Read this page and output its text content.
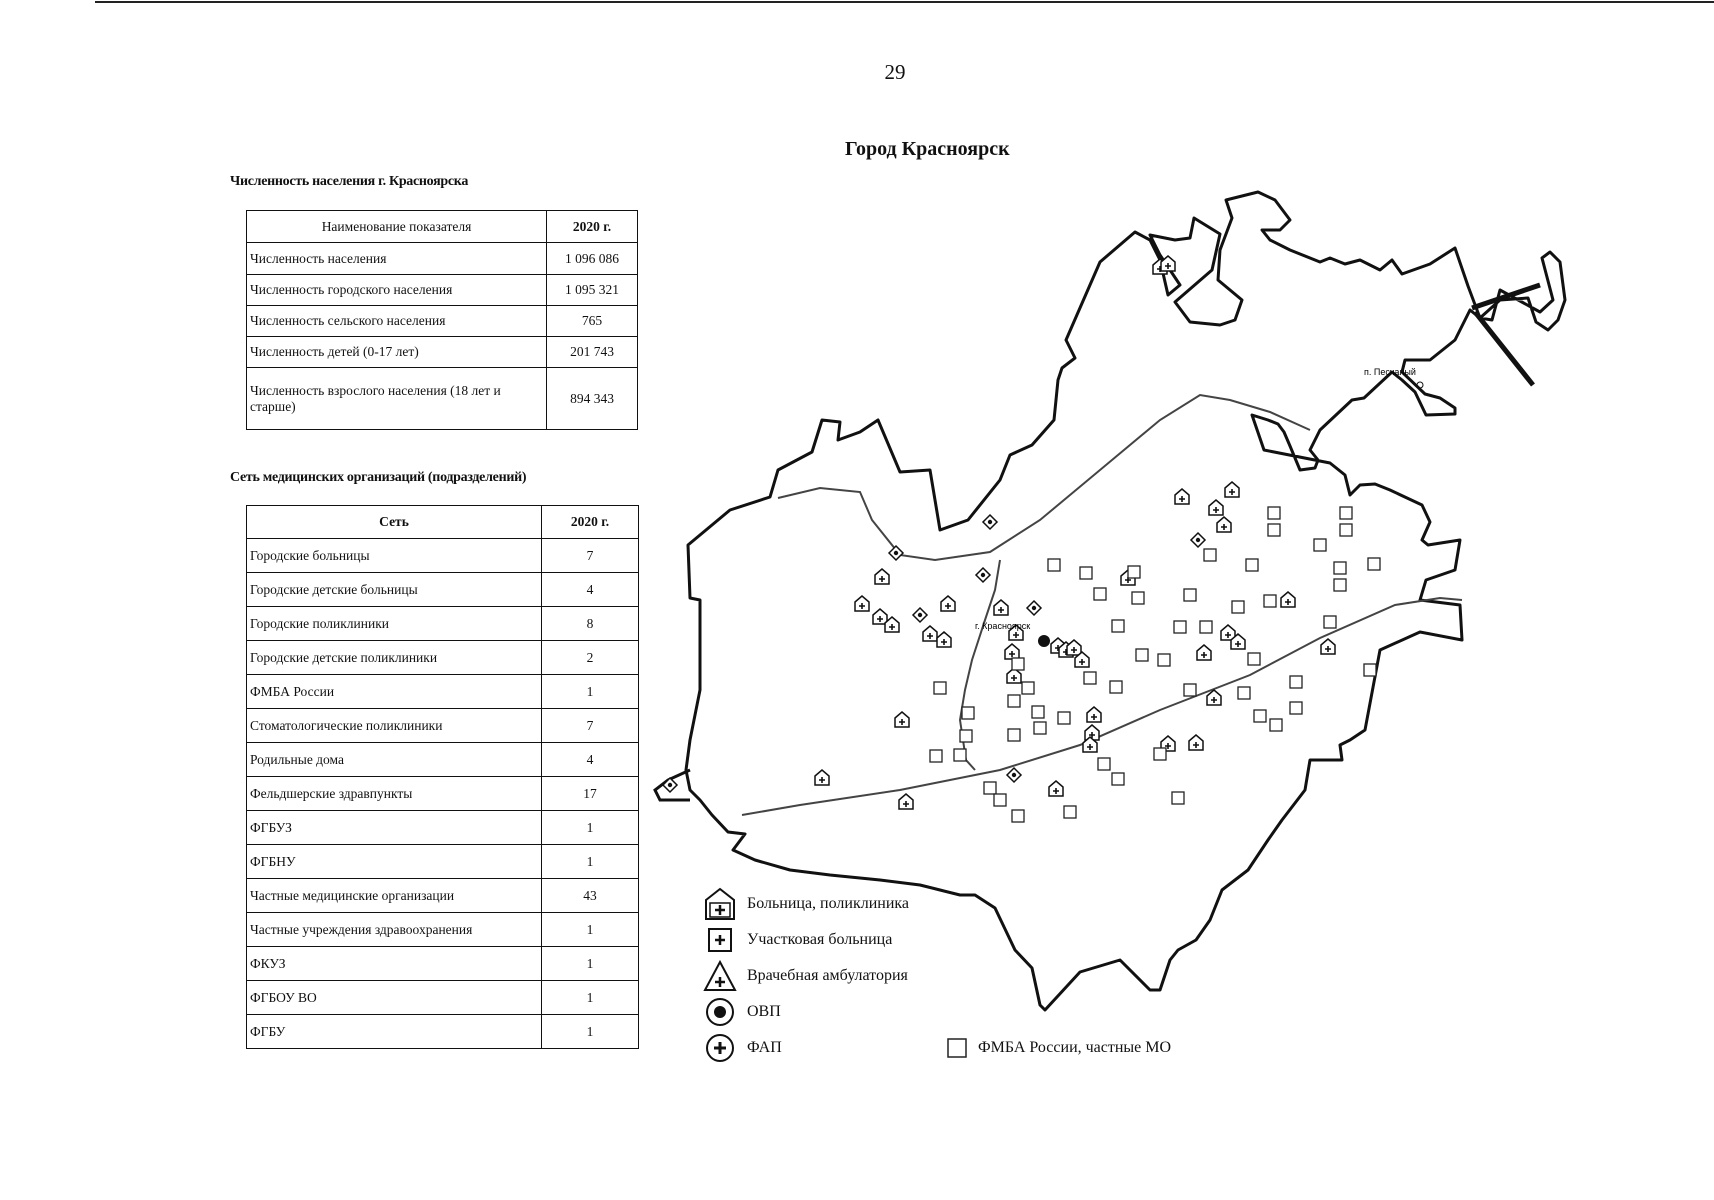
29
Город Красноярск
Численность населения г. Красноярска
Наименование показателя	2020 г.
Численность населения	1 096 086
Численность городского населения	1 095 321
Численность сельского населения	765
Численность детей (0-17 лет)	201 743
Численность взрослого населения (18 лет и старше)	894 343
Сеть медицинских организаций (подразделений)
Сеть	2020 г.
Городские больницы	7
Городские детские больницы	4
Городские поликлиники	8
Городские детские поликлиники	2
ФМБА России	1
Стоматологические поликлиники	7
Родильные дома	4
Фельдшерские здравпункты	17
ФГБУЗ	1
ФГБНУ	1
Частные медицинские организации	43
Частные учреждения здравоохранения	1
ФКУЗ	1
ФГБОУ ВО	1
ФГБУ	1
г. Красноярск
п. Песчаный
Больница, поликлиника
Участковая больница
Врачебная амбулатория
ОВП
ФАП	ФМБА России, частные МО
